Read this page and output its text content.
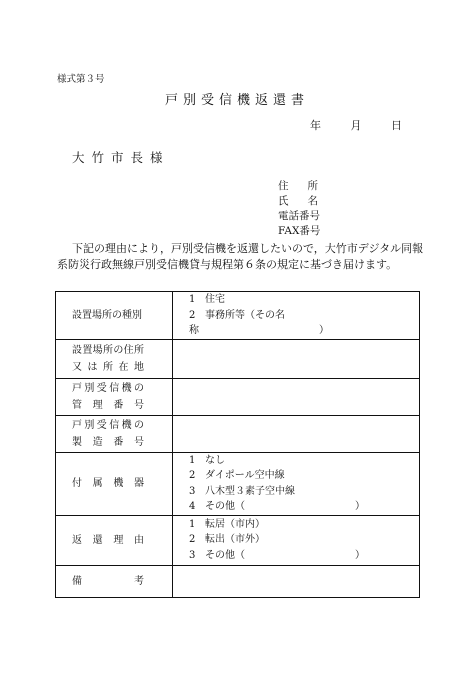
様式第３号
戸別受信機返還書
年	月	日
大竹市長様
住所
氏名
電話番号
FAX番号
下記の理由により，戸別受信機を返還したいので，大竹市デジタル同報
系防災行政無線戸別受信機貸与規程第６条の規定に基づき届けます。
設置場所の種別	1 住宅
2 事務所等（その名称　　　　　　　　　　　　）

設置場所の住所
又は所在地	

戸別受信機の
管理番号	

戸別受信機の
製造番号	

付属機器	1 なし
2 ダイポール空中線
3 八木型３素子空中線
4 その他（　　　　　　　　　　　）

返還理由	1 転居（市内）
2 転出（市外）
3 その他（　　　　　　　　　　　）

備考	
